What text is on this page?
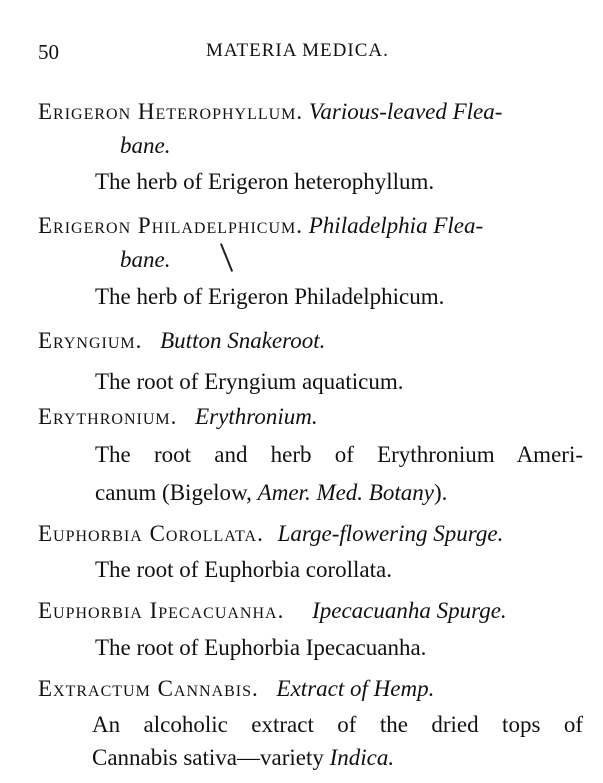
50	MATERIA MEDICA.
Erigeron Heterophyllum. Various-leaved Flea-
bane.
The herb of Erigeron heterophyllum.
Erigeron Philadelphicum. Philadelphia Flea-
bane.
The herb of Erigeron Philadelphicum.
Eryngium. Button Snakeroot.
The root of Eryngium aquaticum.
Erythronium. Erythronium.
The root and herb of Erythronium Ameri-
canum (Bigelow, Amer. Med. Botany).
Euphorbia Corollata. Large-flowering Spurge.
The root of Euphorbia corollata.
Euphorbia Ipecacuanha. Ipecacuanha Spurge.
The root of Euphorbia Ipecacuanha.
Extractum Cannabis. Extract of Hemp.
An alcoholic extract of the dried tops of
Cannabis sativa—variety Indica.
